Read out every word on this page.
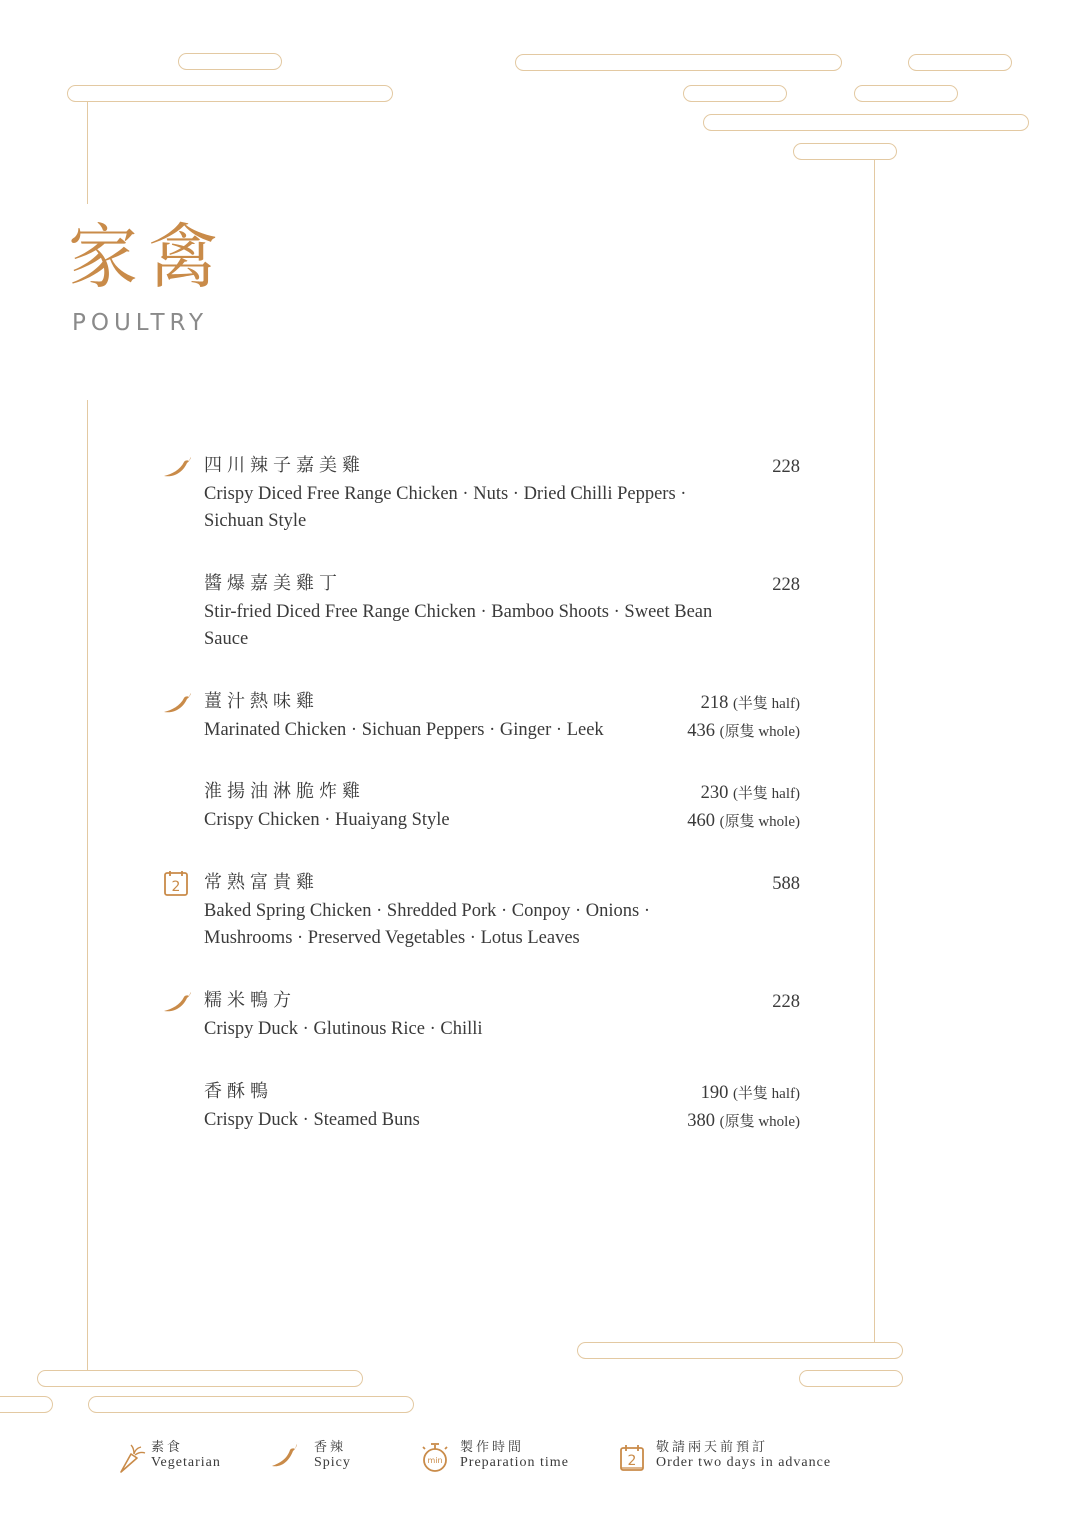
家禽
POULTRY
四川辣子嘉美雞
Crispy Diced Free Range Chicken · Nuts · Dried Chilli Peppers · Sichuan Style
228
醬爆嘉美雞丁
Stir-fried Diced Free Range Chicken · Bamboo Shoots · Sweet Bean Sauce
228
薑汁熱味雞
Marinated Chicken · Sichuan Peppers · Ginger · Leek
218 (半隻 half)
436 (原隻 whole)
淮揚油淋脆炸雞
Crispy Chicken · Huaiyang Style
230 (半隻 half)
460 (原隻 whole)
2 常熟富貴雞
Baked Spring Chicken · Shredded Pork · Conpoy · Onions · Mushrooms · Preserved Vegetables · Lotus Leaves
588
糯米鴨方
Crispy Duck · Glutinous Rice · Chilli
228
香酥鴨
Crispy Duck · Steamed Buns
190 (半隻 half)
380 (原隻 whole)
素食
Vegetarian
香辣
Spicy	min
製作時間
Preparation time	2
敬請兩天前預訂
Order two days in advance
